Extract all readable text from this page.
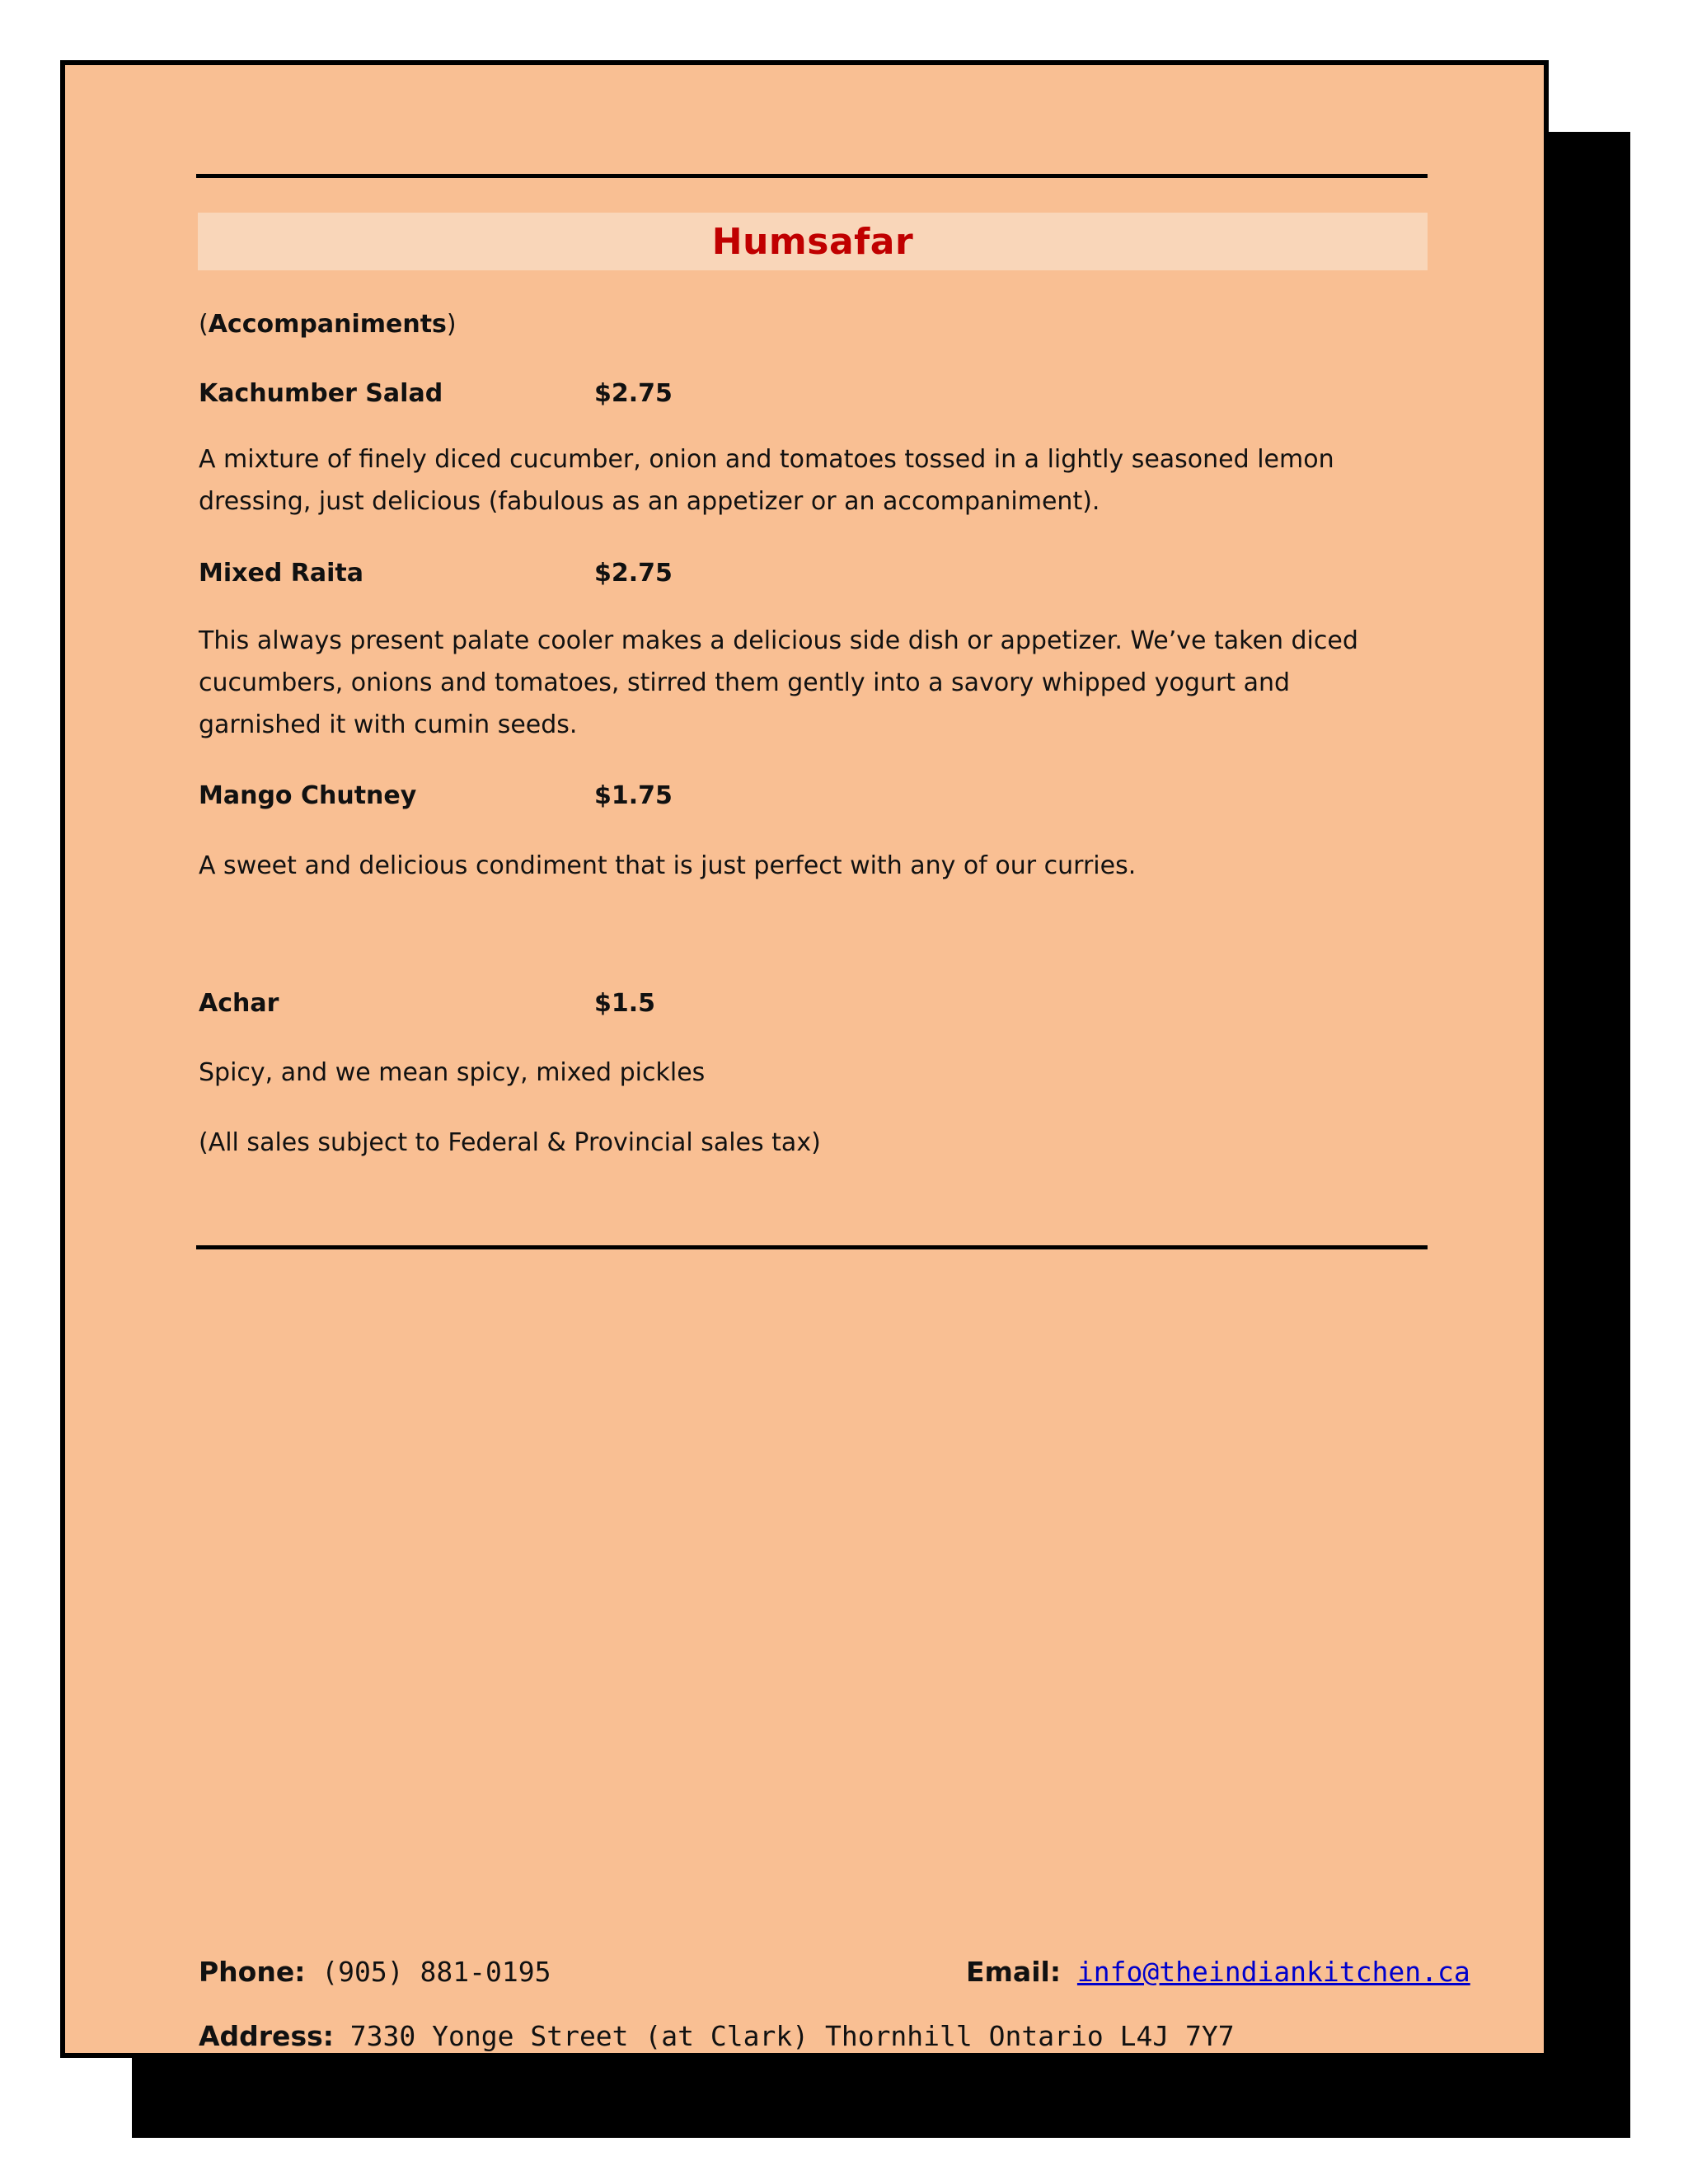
Humsafar
(Accompaniments)
Kachumber Salad	$2.75
A mixture of finely diced cucumber, onion and tomatoes tossed in a lightly seasoned lemon dressing, just delicious (fabulous as an appetizer or an accompaniment).
Mixed Raita	$2.75
This always present palate cooler makes a delicious side dish or appetizer. We’ve taken diced cucumbers, onions and tomatoes, stirred them gently into a savory whipped yogurt and garnished it with cumin seeds.
Mango Chutney	$1.75
A sweet and delicious condiment that is just perfect with any of our curries.
Achar	$1.5
Spicy, and we mean spicy, mixed pickles
(All sales subject to Federal & Provincial sales tax)
Phone: (905) 881-0195	Email: info@theindiankitchen.ca
Address: 7330 Yonge Street (at Clark) Thornhill Ontario L4J 7Y7
